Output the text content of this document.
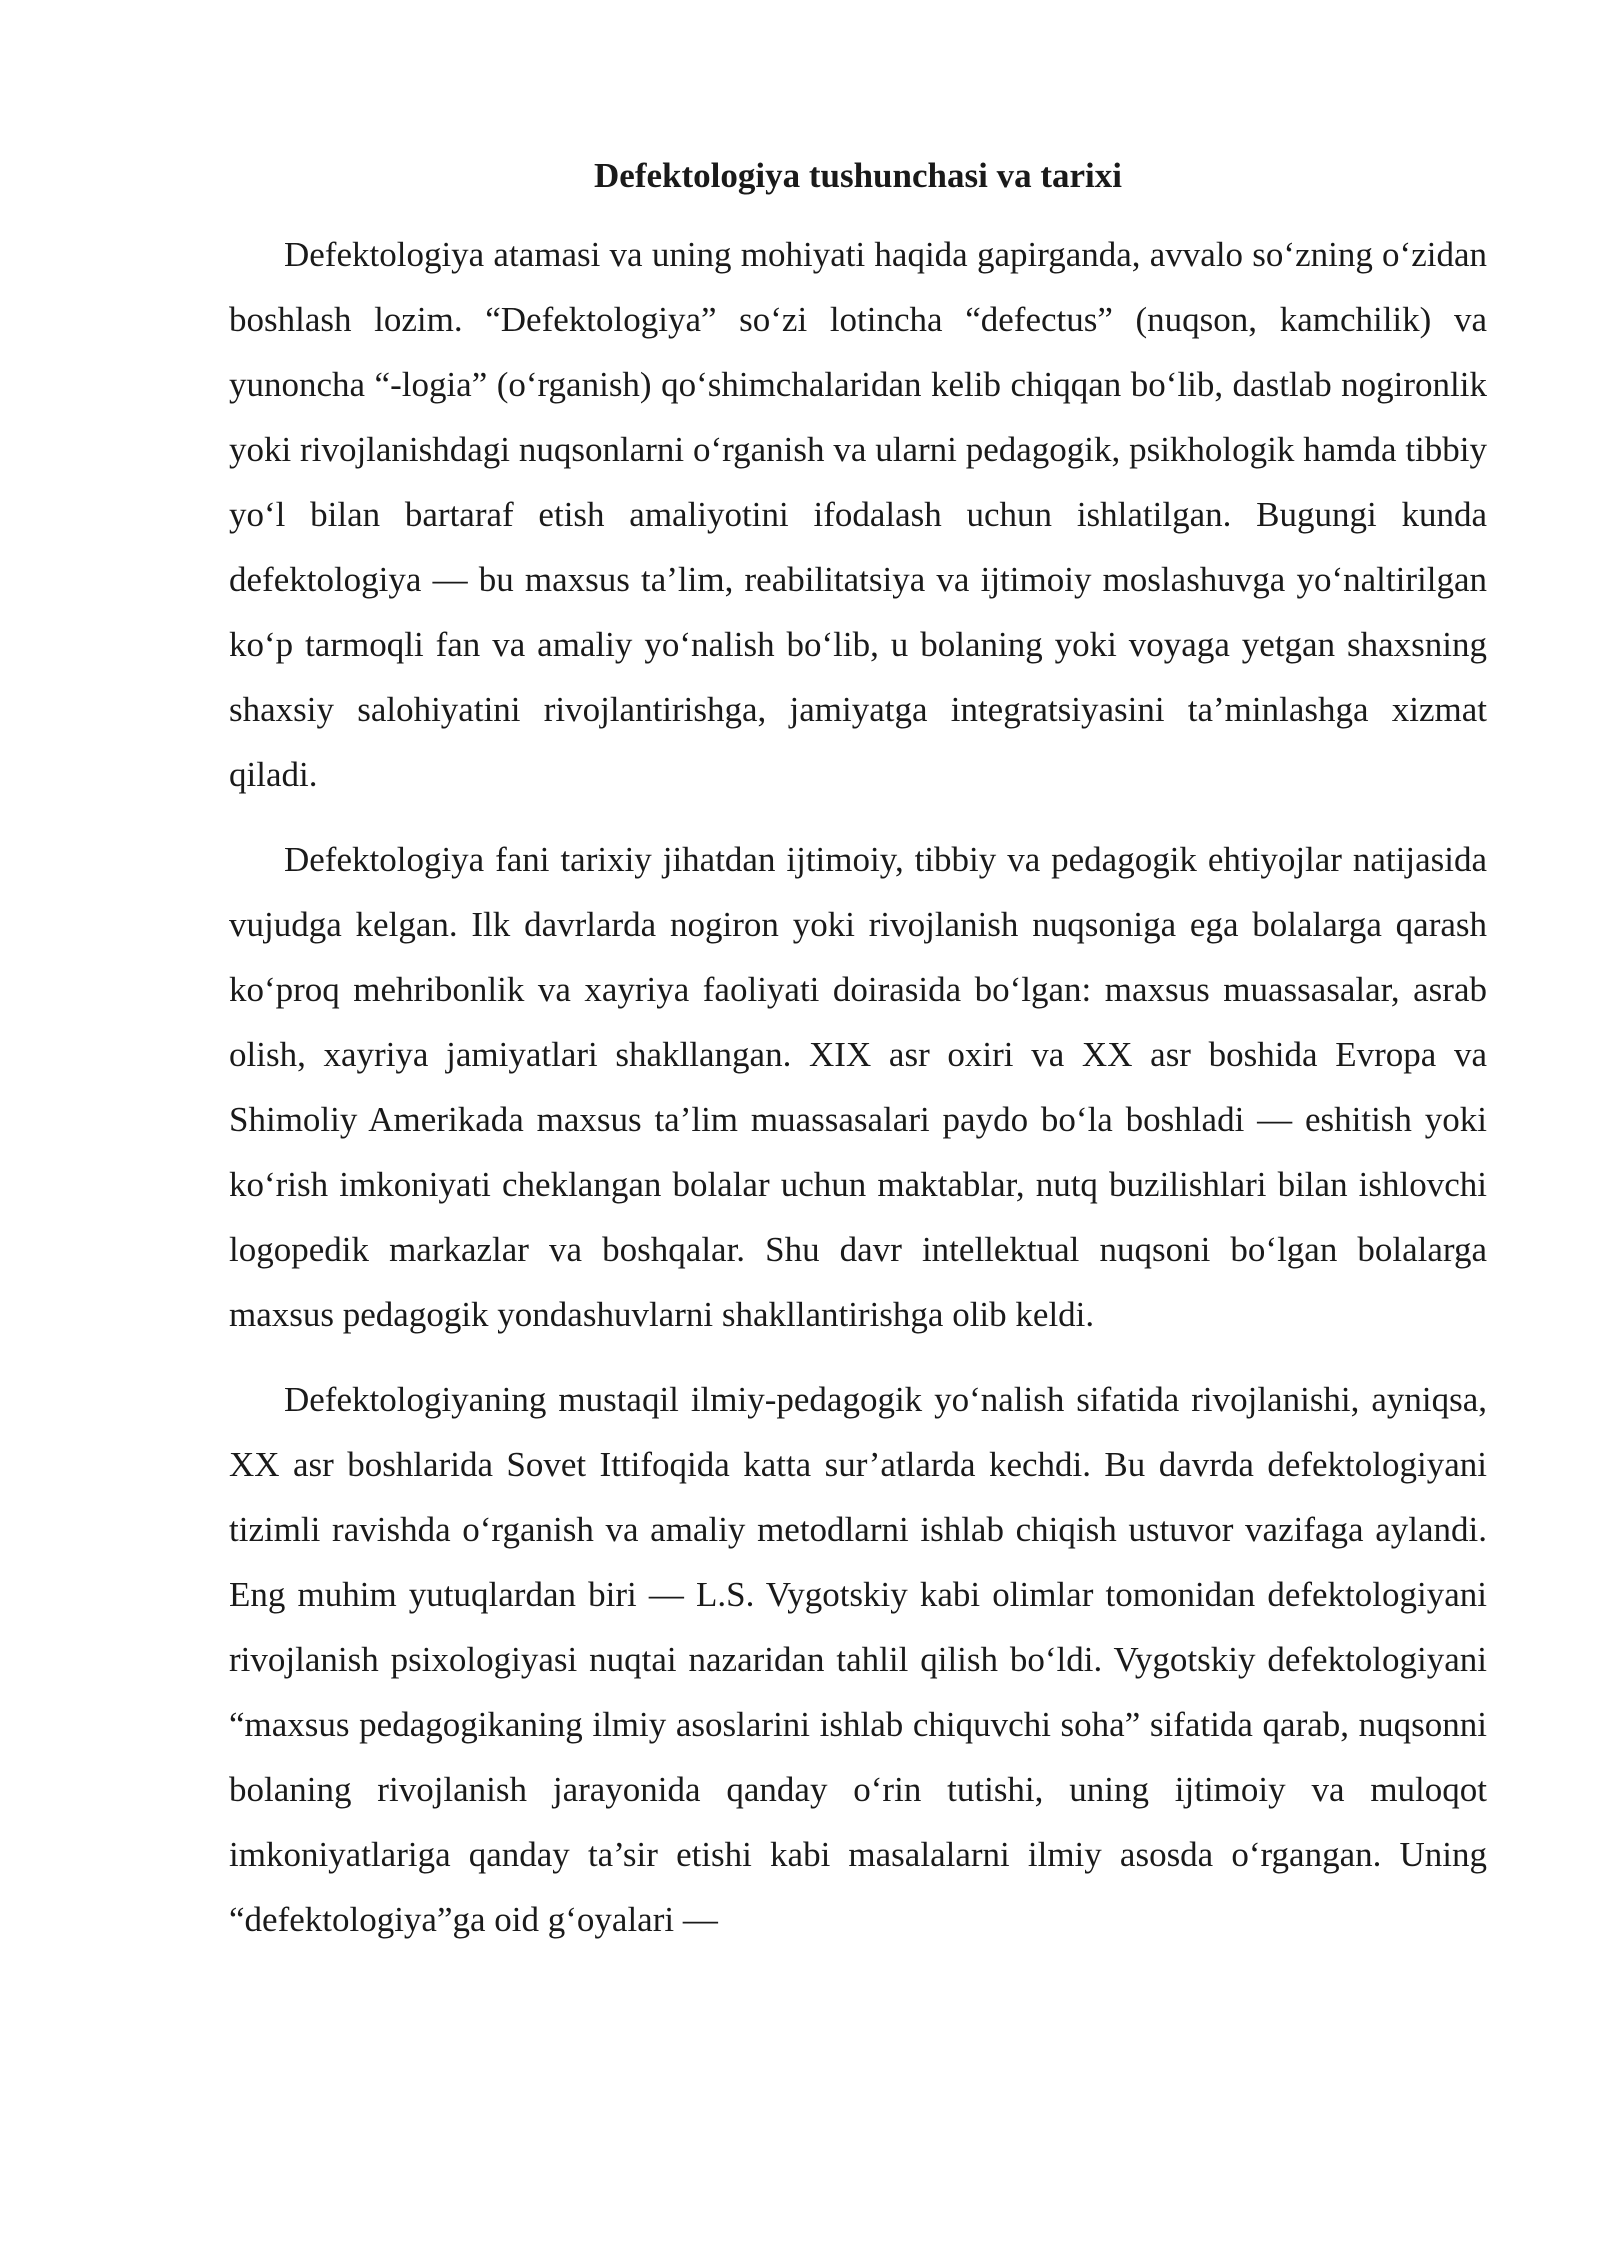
Defektologiya tushunchasi va tarixi

Defektologiya atamasi va uning mohiyati haqida gapirganda, avvalo so‘zning o‘zidan boshlash lozim. “Defektologiya” so‘zi lotincha “defectus” (nuqson, kamchilik) va yunoncha “-logia” (o‘rganish) qo‘shimchalaridan kelib chiqqan bo‘lib, dastlab nogironlik yoki rivojlanishdagi nuqsonlarni o‘rganish va ularni pedagogik, psikhologik hamda tibbiy yo‘l bilan bartaraf etish amaliyotini ifodalash uchun ishlatilgan. Bugungi kunda defektologiya — bu maxsus ta’lim, reabilitatsiya va ijtimoiy moslashuvga yo‘naltirilgan ko‘p tarmoqli fan va amaliy yo‘nalish bo‘lib, u bolaning yoki voyaga yetgan shaxsning shaxsiy salohiyatini rivojlantirishga, jamiyatga integratsiyasini ta’minlashga xizmat qiladi.

Defektologiya fani tarixiy jihatdan ijtimoiy, tibbiy va pedagogik ehtiyojlar natijasida vujudga kelgan. Ilk davrlarda nogiron yoki rivojlanish nuqsoniga ega bolalarga qarash ko‘proq mehribonlik va xayriya faoliyati doirasida bo‘lgan: maxsus muassasalar, asrab olish, xayriya jamiyatlari shakllangan. XIX asr oxiri va XX asr boshida Evropa va Shimoliy Amerikada maxsus ta’lim muassasalari paydo bo‘la boshladi — eshitish yoki ko‘rish imkoniyati cheklangan bolalar uchun maktablar, nutq buzilishlari bilan ishlovchi logopedik markazlar va boshqalar. Shu davr intellektual nuqsoni bo‘lgan bolalarga maxsus pedagogik yondashuvlarni shakllantirishga olib keldi.

Defektologiyaning mustaqil ilmiy-pedagogik yo‘nalish sifatida rivojlanishi, ayniqsa, XX asr boshlarida Sovet Ittifoqida katta sur’atlarda kechdi. Bu davrda defektologiyani tizimli ravishda o‘rganish va amaliy metodlarni ishlab chiqish ustuvor vazifaga aylandi. Eng muhim yutuqlardan biri — L.S. Vygotskiy kabi olimlar tomonidan defektologiyani rivojlanish psixologiyasi nuqtai nazaridan tahlil qilish bo‘ldi. Vygotskiy defektologiyani “maxsus pedagogikaning ilmiy asoslarini ishlab chiquvchi soha” sifatida qarab, nuqsonni bolaning rivojlanish jarayonida qanday o‘rin tutishi, uning ijtimoiy va muloqot imkoniyatlariga qanday ta’sir etishi kabi masalalarni ilmiy asosda o‘rgangan. Uning “defektologiya”ga oid g‘oyalari —
